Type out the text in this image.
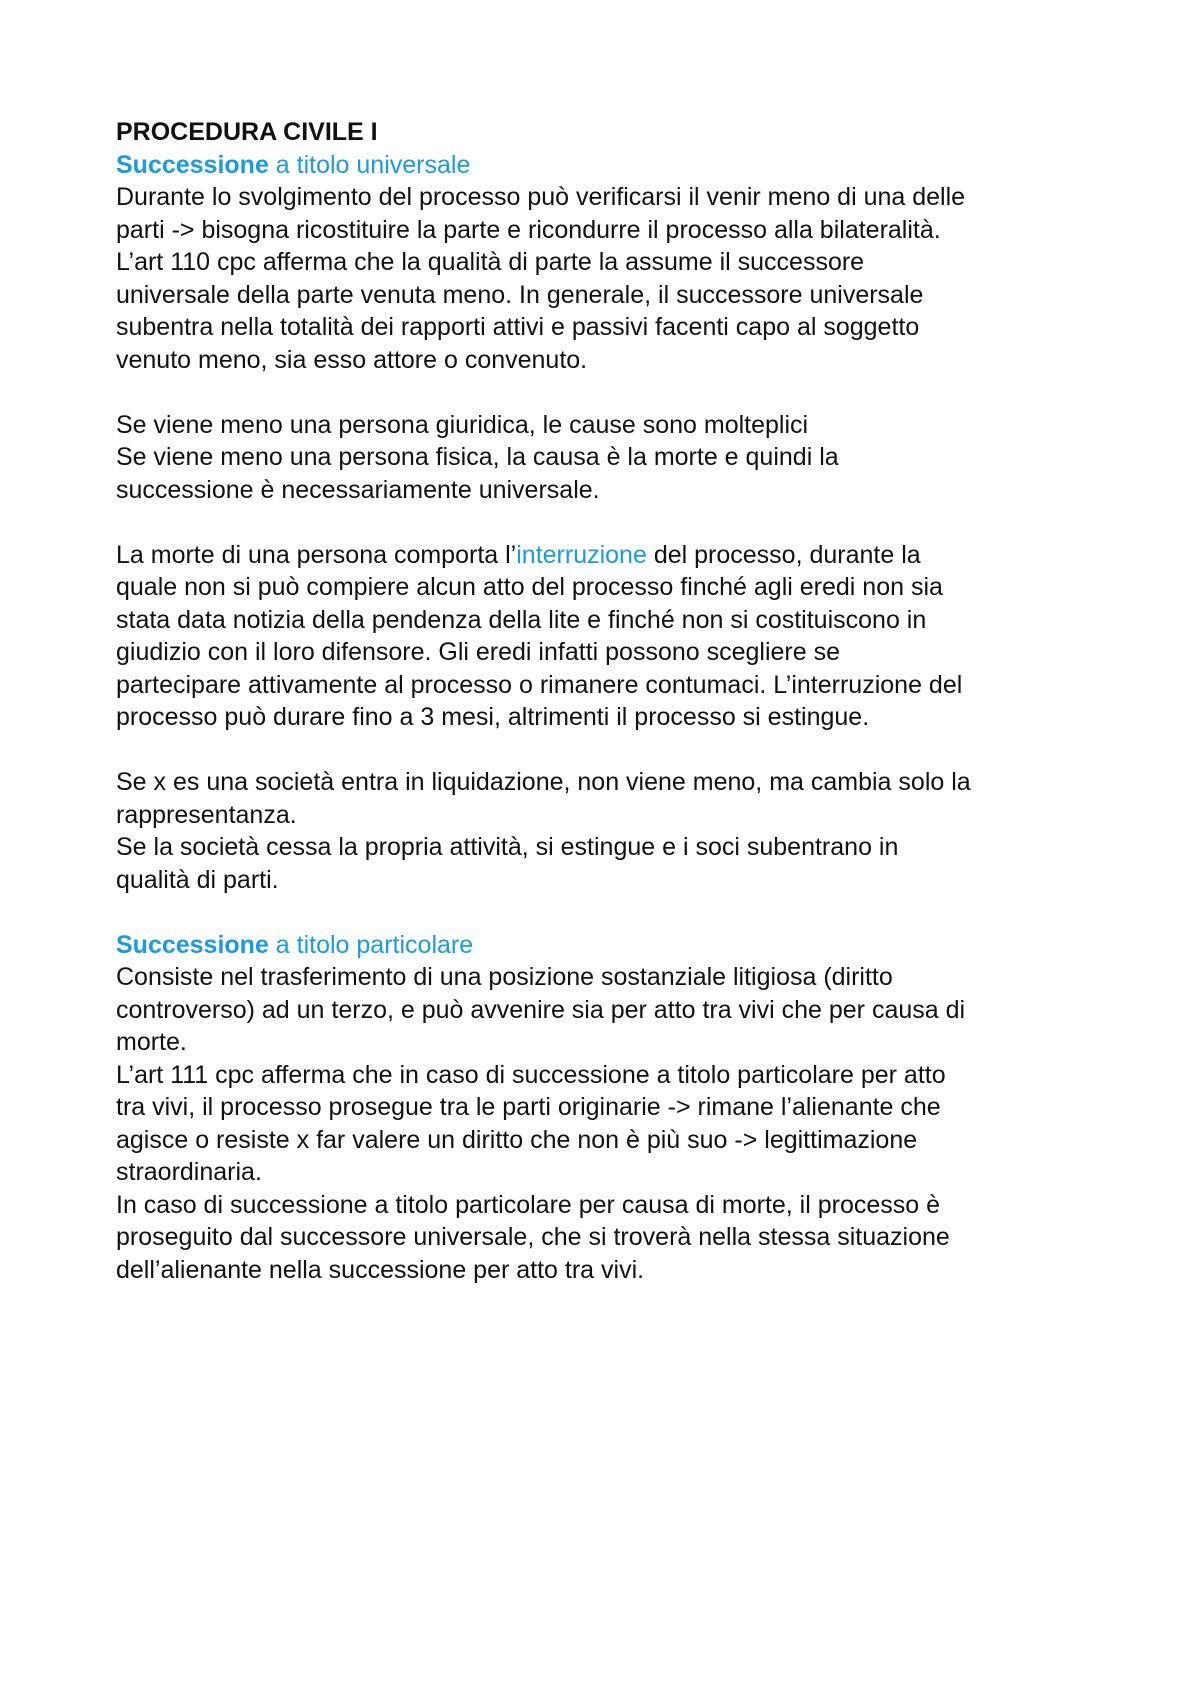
PROCEDURA CIVILE I

Successione a titolo universale

Durante lo svolgimento del processo può verificarsi il venir meno di una delle
parti -> bisogna ricostituire la parte e ricondurre il processo alla bilateralità.
L’art 110 cpc afferma che la qualità di parte la assume il successore
universale della parte venuta meno. In generale, il successore universale
subentra nella totalità dei rapporti attivi e passivi facenti capo al soggetto
venuto meno, sia esso attore o convenuto.
Se viene meno una persona giuridica, le cause sono molteplici
Se viene meno una persona fisica, la causa è la morte e quindi la
successione è necessariamente universale.
La morte di una persona comporta l’interruzione del processo, durante la
quale non si può compiere alcun atto del processo finché agli eredi non sia
stata data notizia della pendenza della lite e finché non si costituiscono in
giudizio con il loro difensore. Gli eredi infatti possono scegliere se
partecipare attivamente al processo o rimanere contumaci. L’interruzione del
processo può durare fino a 3 mesi, altrimenti il processo si estingue.
Se x es una società entra in liquidazione, non viene meno, ma cambia solo la
rappresentanza.
Se la società cessa la propria attività, si estingue e i soci subentrano in
qualità di parti.

Successione a titolo particolare

Consiste nel trasferimento di una posizione sostanziale litigiosa (diritto
controverso) ad un terzo, e può avvenire sia per atto tra vivi che per causa di
morte.
L’art 111 cpc afferma che in caso di successione a titolo particolare per atto
tra vivi, il processo prosegue tra le parti originarie -> rimane l’alienante che
agisce o resiste x far valere un diritto che non è più suo -> legittimazione
straordinaria.
In caso di successione a titolo particolare per causa di morte, il processo è
proseguito dal successore universale, che si troverà nella stessa situazione
dell’alienante nella successione per atto tra vivi.
